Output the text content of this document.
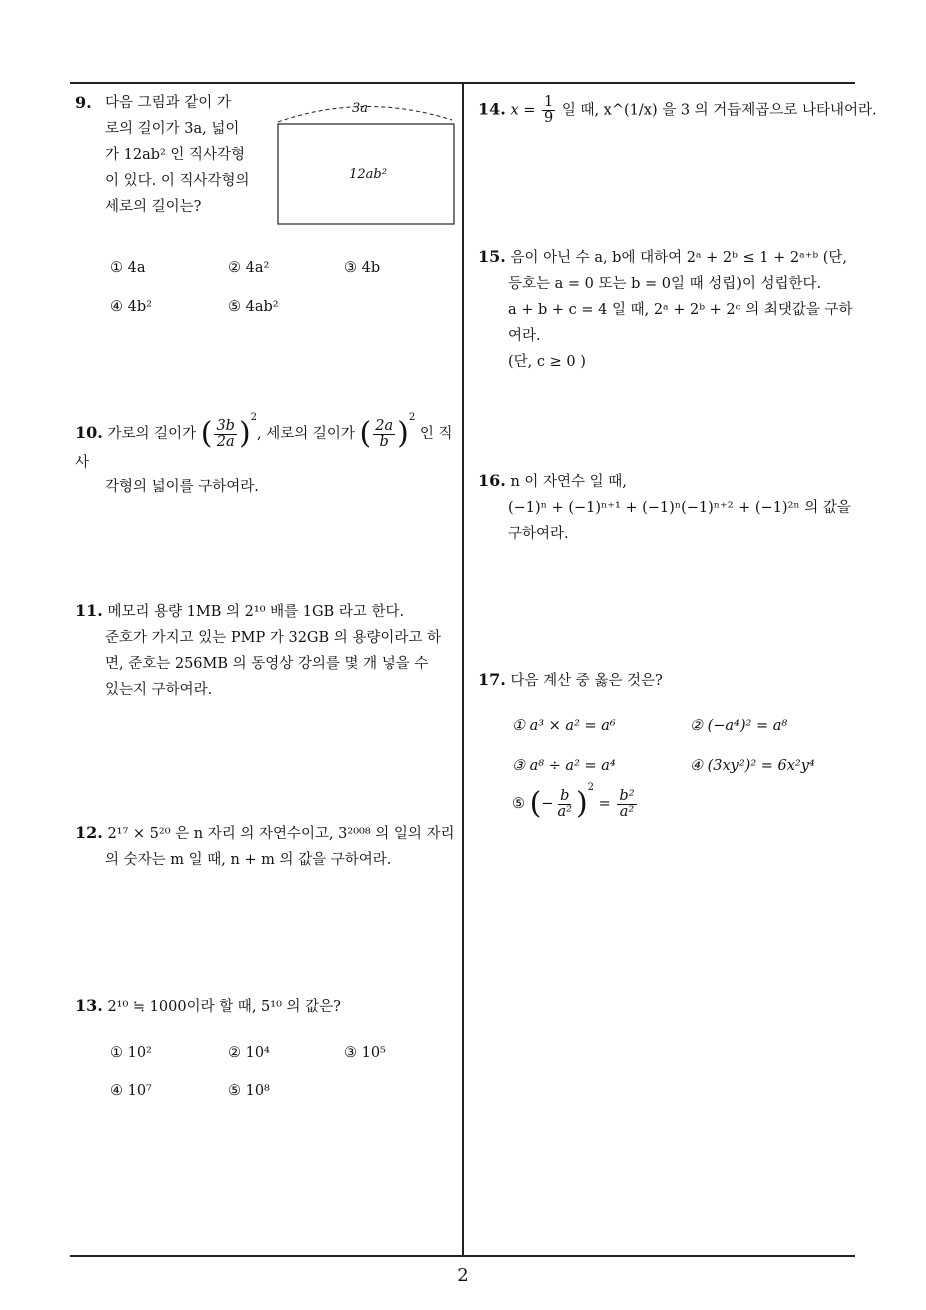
9. 다음 그림과 같이 가
로의 길이가 3a, 넓이
가 12ab² 인 직사각형
이 있다. 이 직사각형의
세로의 길이는?
3a
12ab²
① 4a	② 4a²	③ 4b
④ 4b²	⑤ 4ab²
10. 가로의 길이가 ( $\frac{3b}{2a} )^2$, 세로의 길이가 ( $\frac{2a}{b} )^2$ 인 직사
각형의 넓이를 구하여라.
11. 메모리 용량 1MB 의 2¹⁰ 배를 1GB 라고 한다.
준호가 가지고 있는 PMP 가 32GB 의 용량이라고 하
면, 준호는 256MB 의 동영상 강의를 몇 개 넣을 수
있는지 구하여라.
12. 2¹⁷ × 5²⁰ 은 n 자리 의 자연수이고, 3²⁰⁰⁸ 의 일의 자리
의 숫자는 m 일 때, n + m 의 값을 구하여라.
13. 2¹⁰ ≒ 1000이라 할 때, 5¹⁰ 의 값은?
① 10²	② 10⁴	③ 10⁵
④ 10⁷	⑤ 10⁸
14. $x = \frac{1}{9}$ 일 때, x^(1/x) 을 3 의 거듭제곱으로 나타내어라.
15. 음이 아닌 수 a, b에 대하여 2ᵃ + 2ᵇ ≤ 1 + 2ᵃ⁺ᵇ (단,
등호는 a = 0 또는 b = 0일 때 성립)이 성립한다.
a + b + c = 4 일 때, 2ᵃ + 2ᵇ + 2ᶜ 의 최댓값을 구하여라.
(단, c ≥ 0 )
16. n 이 자연수 일 때,
(−1)ⁿ + (−1)ⁿ⁺¹ + (−1)ⁿ(−1)ⁿ⁺² + (−1)²ⁿ 의 값을
구하여라.
17. 다음 계산 중 옳은 것은?
① a³ × a² = a⁶	② (−a⁴)² = a⁸
③ a⁸ ÷ a² = a⁴	④ (3xy²)² = 6x²y⁴
⑤ (− $\frac{b}{\text{a²}} )^2 = \frac{\text{b²}}{\text{a²}}$
2
